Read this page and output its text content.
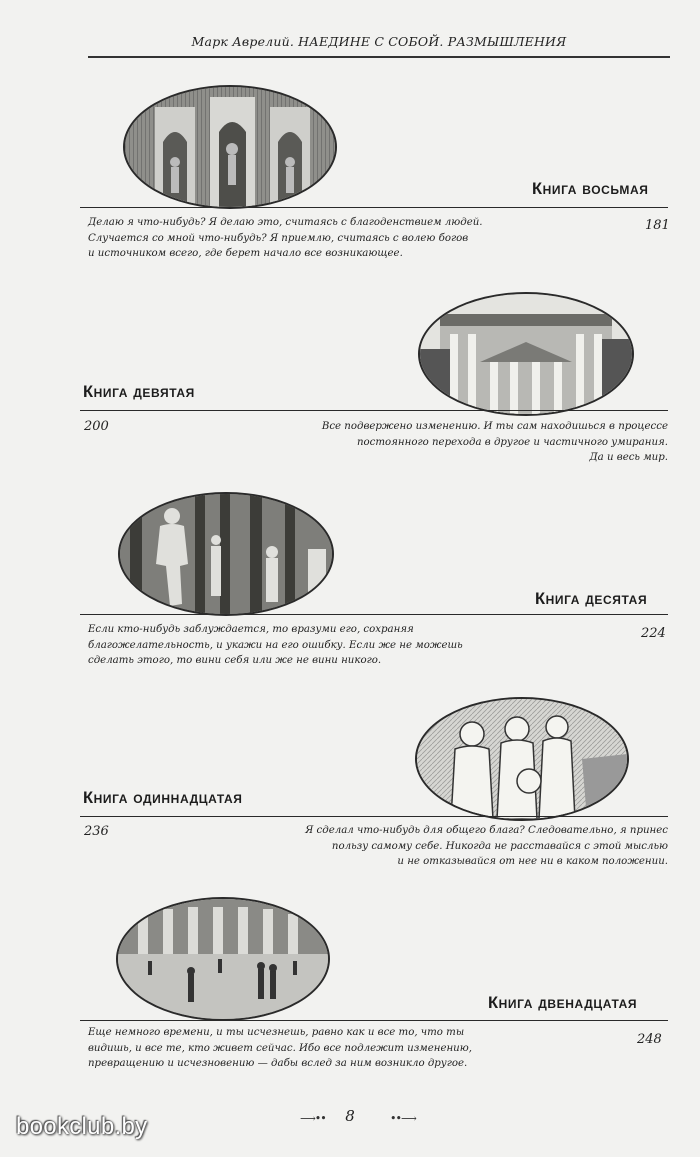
Марк Аврелий. НАЕДИНЕ С СОБОЙ. РАЗМЫШЛЕНИЯ
Книга восьмая
181
Делаю я что-нибудь? Я делаю это, считаясь с благоденствием людей.
Случается со мной что-нибудь? Я приемлю, считаясь с волею богов
и источником всего, где берет начало все возникающее.
Книга девятая
200	Все подвержено изменению. И ты сам находишься в процессе
постоянного перехода в другое и частичного умирания.
Да и весь мир.
Книга десятая
224
Если кто-нибудь заблуждается, то вразуми его, сохраняя
благожелательность, и укажи на его ошибку. Если же не можешь
сделать этого, то вини себя или же не вини никого.
Книга одиннадцатая
236	Я сделал что-нибудь для общего блага? Следовательно, я принес
пользу самому себе. Никогда не расставайся с этой мыслью
и не отказывайся от нее ни в каком положении.
Книга двенадцатая
248
Еще немного времени, и ты исчезнешь, равно как и все то, что ты
видишь, и все те, кто живет сейчас. Ибо все подлежит изменению,
превращению и исчезновению — дабы вслед за ним возникло другое.
⟶••	8	••⟶
bookclub.by
